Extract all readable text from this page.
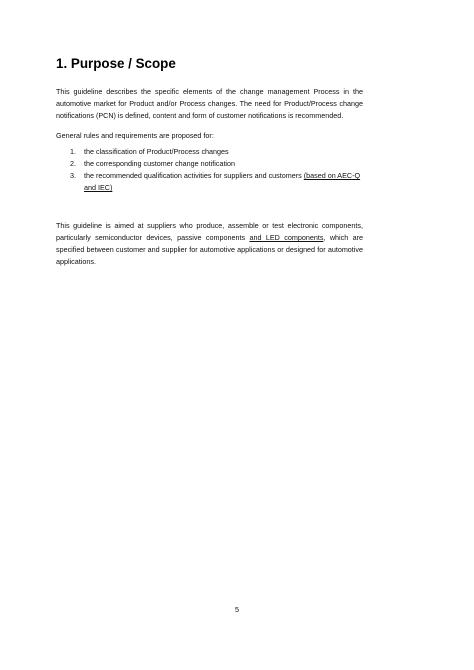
1. Purpose / Scope

This guideline describes the specific elements of the change management Process in the automotive market for Product and/or Process changes. The need for Product/Process change notifications (PCN) is defined, content and form of customer notifications is recommended.

General rules and requirements are proposed for:

1. the classification of Product/Process changes
2. the corresponding customer change notification
3. the recommended qualification activities for suppliers and customers (based on AEC-Q and IEC)

This guideline is aimed at suppliers who produce, assemble or test electronic components, particularly semiconductor devices, passive components and LED components, which are specified between customer and supplier for automotive applications or designed for automotive applications.

5
